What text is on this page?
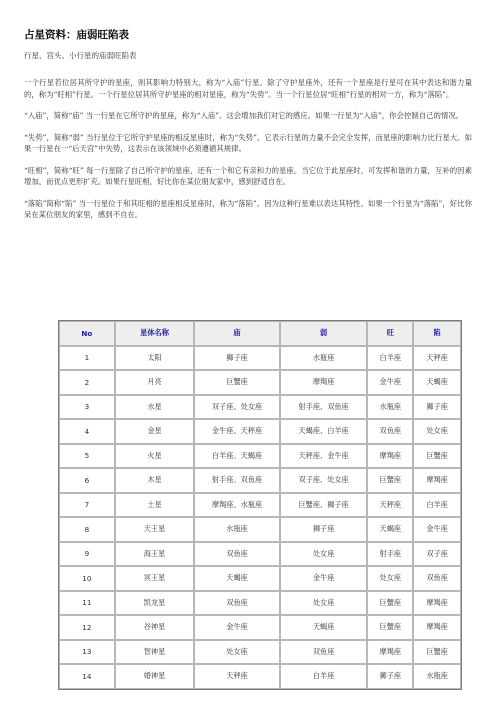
占星资料：庙弱旺陷表
行星、宫头、小行星的庙弱旺陷表

一个行星若位居其所守护的星座，则其影响力特别大，称为“入庙”行星。除了守护星座外，还有一个星座是行星可在其中表达和谐力量的，称为“旺相”行星。一个行星位居其所守护星座的相对星座，称为“失势”。当一个行星位居“旺相”行星的相对一方，称为“落陷”。

“入庙”，简称“庙” 当一行星在它所守护的星座，称为“入庙”。这会增加我们对它的感应。如果一行星为“入庙”，你会控制自己的情况。

“失势”，简称“弱” 当行星位于它所守护星座的相反星座时，称为“失势”。它表示行星的力量不会完全发挥，而星座的影响力比行星大。如果一行星在一“后天宫”中失势，这表示在该领域中必须遵循其规律。

“旺相”，简称“旺” 每一行星除了自己所守护的星座，还有一个和它有亲和力的星座。当它位于此星座时，可发挥和谐的力量，互补的因素增加，而优点更形扩充。如果行星旺相，好比你在某位朋友家中，感到舒适自在。

“落陷”简称“陷” 当一行星位于和其旺相的星座相反星座时，称为“落陷”。因为这种行星难以表达其特性。如果一个行星为“落陷”，好比你呆在某位朋友的家里，感到不自在。

No	星体名称	庙	弱	旺	陷
1	太阳	狮子座	水瓶座	白羊座	天秤座
2	月亮	巨蟹座	摩羯座	金牛座	天蝎座
3	水星	双子座、处女座	射手座、双鱼座	水瓶座	狮子座
4	金星	金牛座、天秤座	天蝎座、白羊座	双鱼座	处女座
5	火星	白羊座、天蝎座	天秤座、金牛座	摩羯座	巨蟹座
6	木星	射手座、双鱼座	双子座、处女座	巨蟹座	摩羯座
7	土星	摩羯座、水瓶座	巨蟹座、狮子座	天秤座	白羊座
8	天王星	水瓶座	狮子座	天蝎座	金牛座
9	海王星	双鱼座	处女座	射手座	双子座
10	冥王星	天蝎座	金牛座	处女座	双鱼座
11	凯龙星	双鱼座	处女座	巨蟹座	摩羯座
12	谷神星	金牛座	天蝎座	巨蟹座	摩羯座
13	智神星	处女座	双鱼座	摩羯座	巨蟹座
14	婚神星	天秤座	白羊座	狮子座	水瓶座
